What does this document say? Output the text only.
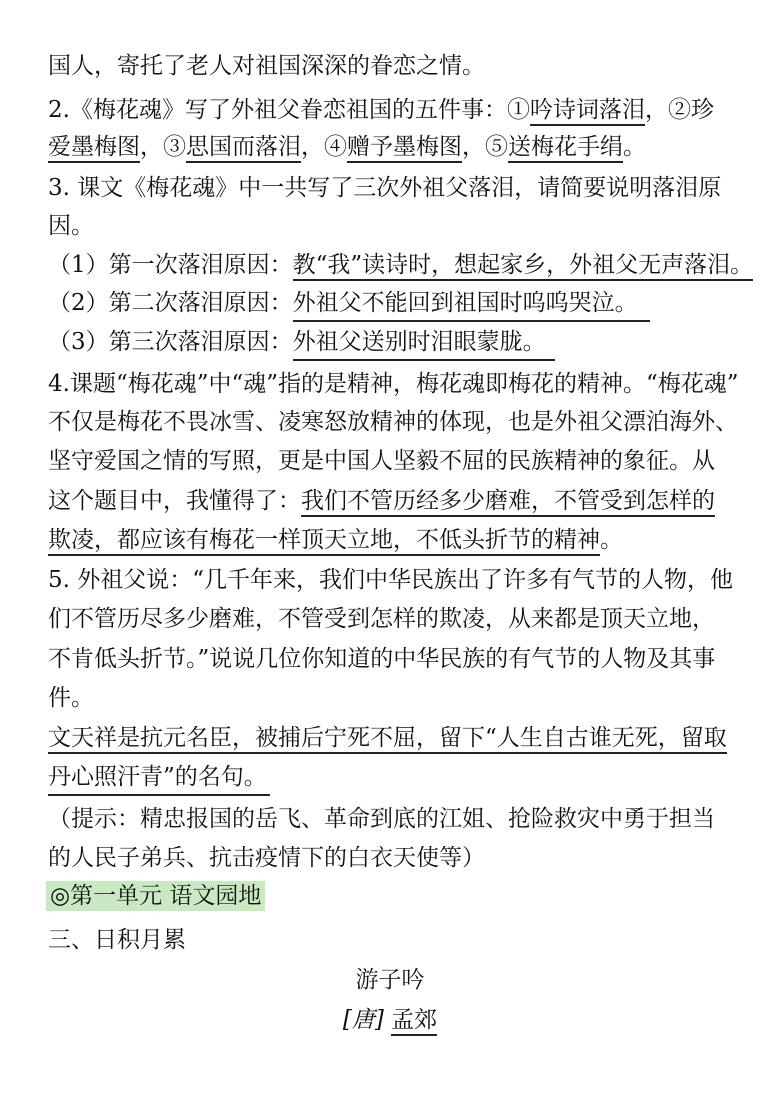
国人，寄托了老人对祖国深深的眷恋之情。
2.《梅花魂》写了外祖父眷恋祖国的五件事：①吟诗词落泪，②珍
爱墨梅图，③思国而落泪，④赠予墨梅图，⑤送梅花手绢。
3. 课文《梅花魂》中一共写了三次外祖父落泪，请简要说明落泪原
因。
（1）第一次落泪原因：教“我”读诗时，想起家乡，外祖父无声落泪。
（2）第二次落泪原因：外祖父不能回到祖国时呜呜哭泣。
（3）第三次落泪原因：外祖父送别时泪眼蒙胧。
4.课题“梅花魂”中“魂”指的是精神，梅花魂即梅花的精神。“梅花魂”
不仅是梅花不畏冰雪、凌寒怒放精神的体现，也是外祖父漂泊海外、
坚守爱国之情的写照，更是中国人坚毅不屈的民族精神的象征。从
这个题目中，我懂得了：我们不管历经多少磨难，不管受到怎样的
欺凌，都应该有梅花一样顶天立地，不低头折节的精神。
5. 外祖父说：“几千年来，我们中华民族出了许多有气节的人物，他
们不管历尽多少磨难，不管受到怎样的欺凌，从来都是顶天立地，
不肯低头折节。”说说几位你知道的中华民族的有气节的人物及其事
件。
文天祥是抗元名臣，被捕后宁死不屈，留下“人生自古谁无死，留取
丹心照汗青”的名句。
（提示：精忠报国的岳飞、革命到底的江姐、抢险救灾中勇于担当
的人民子弟兵、抗击疫情下的白衣天使等）
◎第一单元 语文园地
三、日积月累
游子吟
[唐] 孟郊
